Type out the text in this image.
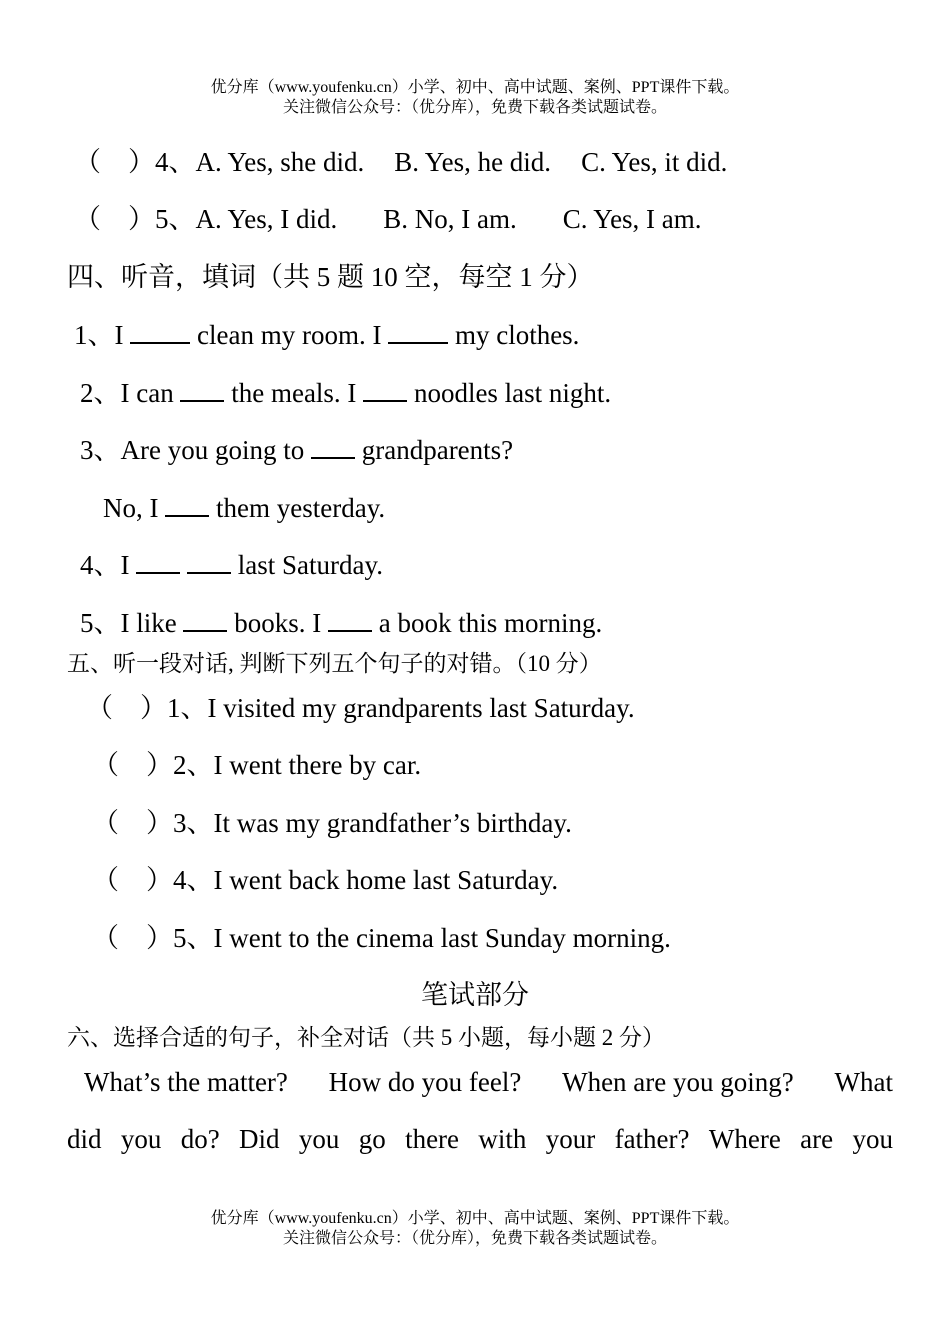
优分库（www.youfenku.cn）小学、初中、高中试题、案例、PPT课件下载。
关注微信公众号：（优分库），免费下载各类试题试卷。
（　）4、A. Yes, she did. B. Yes, he did. C. Yes, it did.
（　）5、A. Yes, I did. B. No, I am. C. Yes, I am.
四、听音，填词（共 5 题 10 空，每空 1 分）
1、I  clean my room. I  my clothes.
2、I can  the meals. I  noodles last night.
3、Are you going to  grandparents?
No, I  them yesterday.
4、I	last Saturday.
5、I like  books. I  a book this morning.
五、听一段对话, 判断下列五个句子的对错。（10 分）
（　）1、I visited my grandparents last Saturday.
（　）2、I went there by car.
（　）3、It was my grandfather’s birthday.
（　）4、I went back home last Saturday.
（　）5、I went to the cinema last Sunday morning.
笔试部分
六、选择合适的句子，补全对话（共 5 小题，每小题 2 分）
What’s the matter? How do you feel? When are you going? What
did you do? Did you go there with your father? Where are you
优分库（www.youfenku.cn）小学、初中、高中试题、案例、PPT课件下载。
关注微信公众号：（优分库），免费下载各类试题试卷。
